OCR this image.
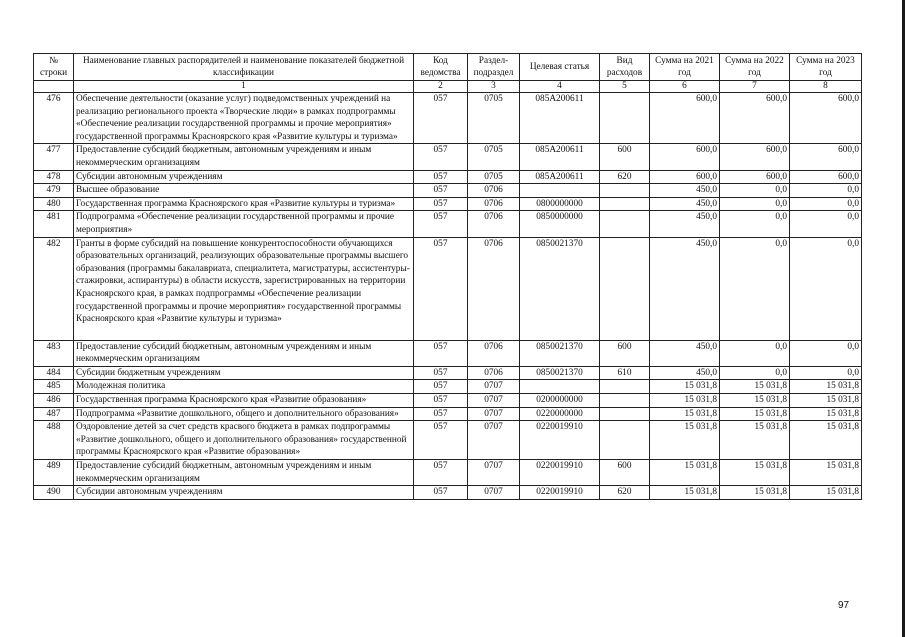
№ строки	Наименование главных распорядителей и наименование показателей бюджетной классификации	Код ведомства	Раздел-подраздел	Целевая статья	Вид расходов	Сумма на 2021 год	Сумма на 2022 год	Сумма на 2023 год
	1	2	3	4	5	6	7	8
476	Обеспечение деятельности (оказание услуг) подведомственных учреждений на реализацию регионального проекта «Творческие люди» в рамках подпрограммы «Обеспечение реализации государственной программы и прочие мероприятия» государственной программы Красноярского края «Развитие культуры и туризма»	057	0705	085A200611		600,0	600,0	600,0
477	Предоставление субсидий бюджетным, автономным учреждениям и иным некоммерческим организациям	057	0705	085A200611	600	600,0	600,0	600,0
478	Субсидии автономным учреждениям	057	0705	085A200611	620	600,0	600,0	600,0
479	Высшее образование	057	0706			450,0	0,0	0,0
480	Государственная программа Красноярского края «Развитие культуры и туризма»	057	0706	0800000000		450,0	0,0	0,0
481	Подпрограмма «Обеспечение реализации государственной программы и прочие мероприятия»	057	0706	0850000000		450,0	0,0	0,0
482	Гранты в форме субсидий на повышение конкурентоспособности обучающихся образовательных организаций, реализующих образовательные программы высшего образования (программы бакалавриата, специалитета, магистратуры, ассистентуры-стажировки, аспирантуры) в области искусств, зарегистрированных на территории Красноярского края, в рамках подпрограммы «Обеспечение реализации государственной программы и прочие мероприятия» государственной программы Красноярского края «Развитие культуры и туризма»	057	0706	0850021370		450,0	0,0	0,0
483	Предоставление субсидий бюджетным, автономным учреждениям и иным некоммерческим организациям	057	0706	0850021370	600	450,0	0,0	0,0
484	Субсидии бюджетным учреждениям	057	0706	0850021370	610	450,0	0,0	0,0
485	Молодежная политика	057	0707			15 031,8	15 031,8	15 031,8
486	Государственная программа Красноярского края «Развитие образования»	057	0707	0200000000		15 031,8	15 031,8	15 031,8
487	Подпрограмма «Развитие дошкольного, общего и дополнительного образования»	057	0707	0220000000		15 031,8	15 031,8	15 031,8
488	Оздоровление детей за счет средств красвого бюджета в рамках подпрограммы «Развитие дошкольного, общего и дополнительного образования» государственной программы Красноярского края «Развитие образования»	057	0707	0220019910		15 031,8	15 031,8	15 031,8
489	Предоставление субсидий бюджетным, автономным учреждениям и иным некоммерческим организациям	057	0707	0220019910	600	15 031,8	15 031,8	15 031,8
490	Субсидии автономным учреждениям	057	0707	0220019910	620	15 031,8	15 031,8	15 031,8
97
